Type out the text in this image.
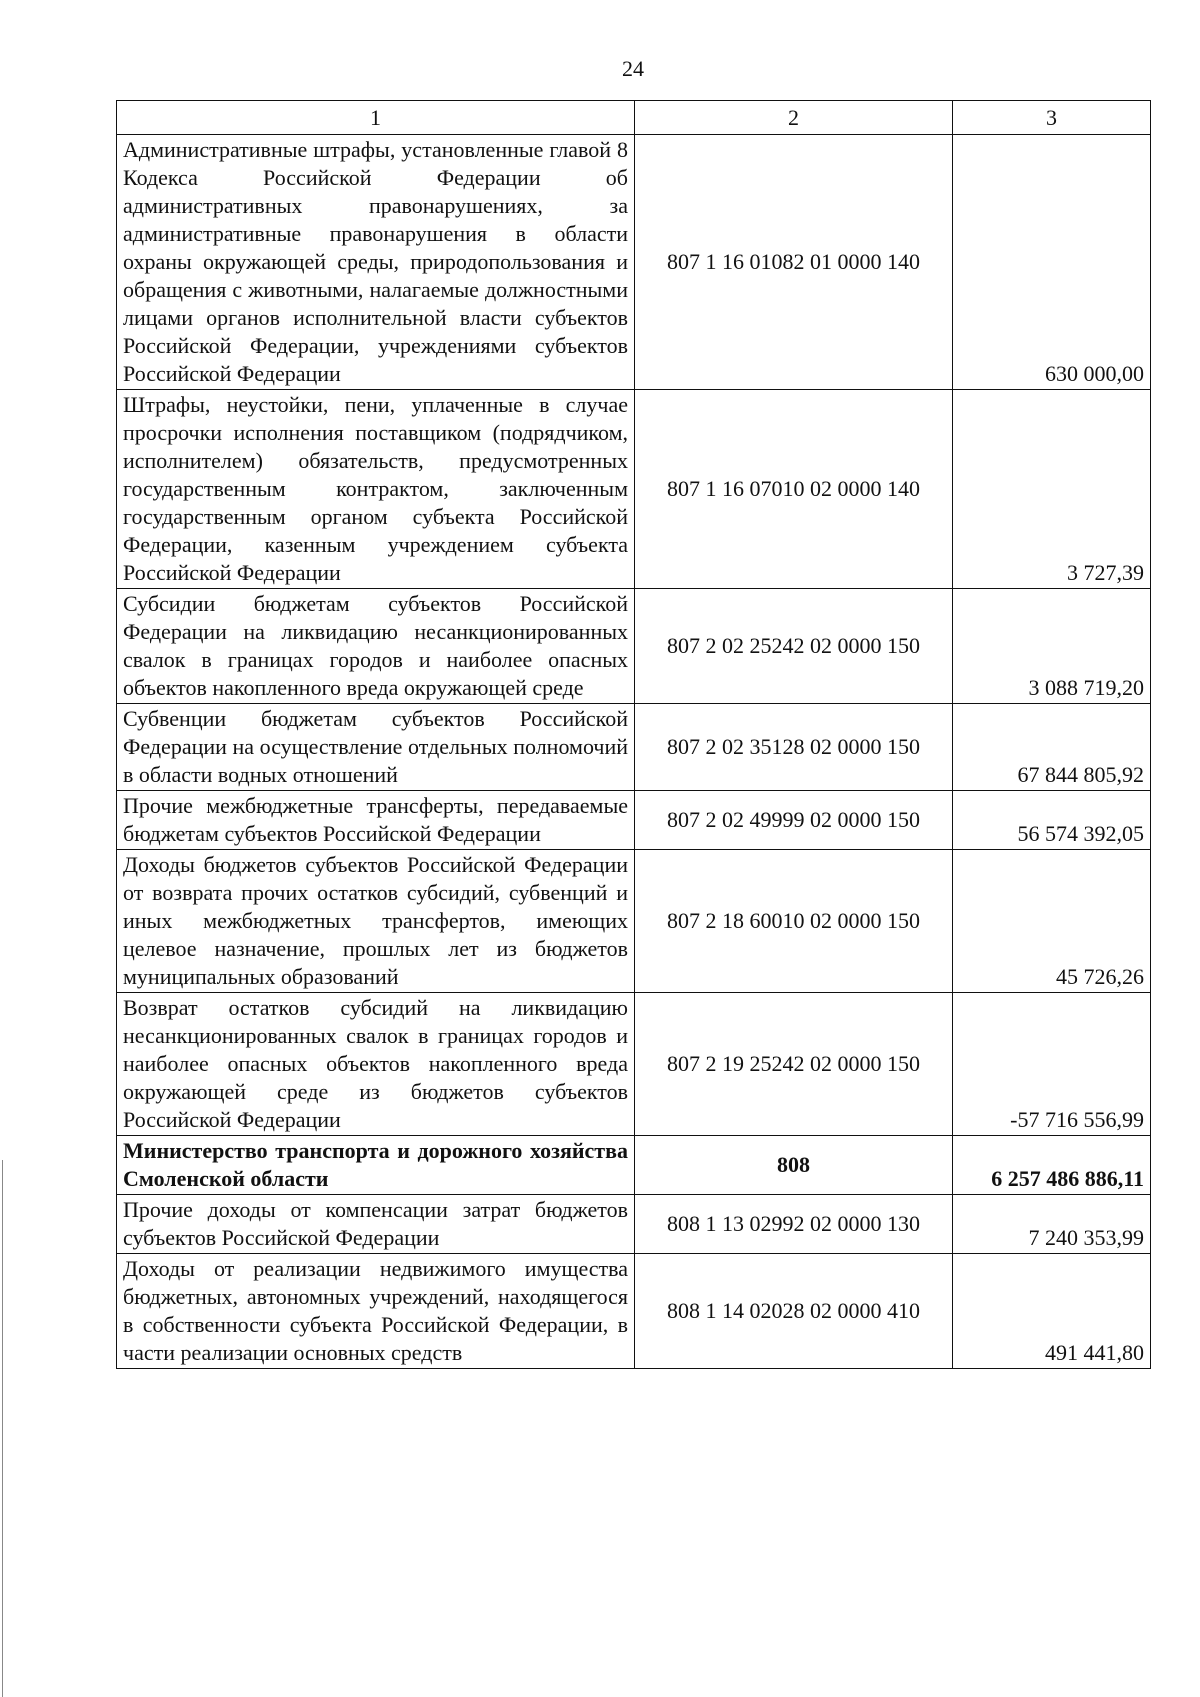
24
1	2	3
Административные штрафы, установленные главой 8 Кодекса Российской Федерации об административных правонарушениях, за административные правонарушения в области охраны окружающей среды, природопользования и обращения с животными, налагаемые должностными лицами органов исполнительной власти субъектов Российской Федерации, учреждениями субъектов Российской Федерации	807 1 16 01082 01 0000 140	630 000,00
Штрафы, неустойки, пени, уплаченные в случае просрочки исполнения поставщиком (подрядчиком, исполнителем) обязательств, предусмотренных государственным контрактом, заключенным государственным органом субъекта Российской Федерации, казенным учреждением субъекта Российской Федерации	807 1 16 07010 02 0000 140	3 727,39
Субсидии бюджетам субъектов Российской Федерации на ликвидацию несанкционированных свалок в границах городов и наиболее опасных объектов накопленного вреда окружающей среде	807 2 02 25242 02 0000 150	3 088 719,20
Субвенции бюджетам субъектов Российской Федерации на осуществление отдельных полномочий в области водных отношений	807 2 02 35128 02 0000 150	67 844 805,92
Прочие межбюджетные трансферты, передаваемые бюджетам субъектов Российской Федерации	807 2 02 49999 02 0000 150	56 574 392,05
Доходы бюджетов субъектов Российской Федерации от возврата прочих остатков субсидий, субвенций и иных межбюджетных трансфертов, имеющих целевое назначение, прошлых лет из бюджетов муниципальных образований	807 2 18 60010 02 0000 150	45 726,26
Возврат остатков субсидий на ликвидацию несанкционированных свалок в границах городов и наиболее опасных объектов накопленного вреда окружающей среде из бюджетов субъектов Российской Федерации	807 2 19 25242 02 0000 150	-57 716 556,99
Министерство транспорта и дорожного хозяйства Смоленской области	808	6 257 486 886,11
Прочие доходы от компенсации затрат бюджетов субъектов Российской Федерации	808 1 13 02992 02 0000 130	7 240 353,99
Доходы от реализации недвижимого имущества бюджетных, автономных учреждений, находящегося в собственности субъекта Российской Федерации, в части реализации основных средств	808 1 14 02028 02 0000 410	491 441,80
